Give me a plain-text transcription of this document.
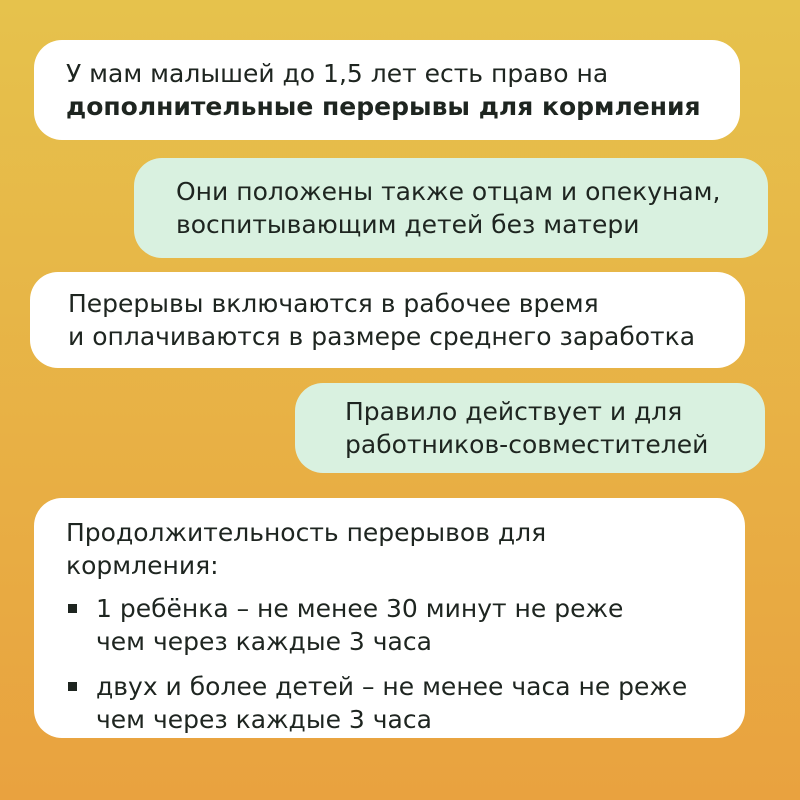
У мам малышей до 1,5 лет есть право на
дополнительные перерывы для кормления
Они положены также отцам и опекунам,
воспитывающим детей без матери
Перерывы включаются в рабочее время
и оплачиваются в размере среднего заработка
Правило действует и для
работников-совместителей
Продолжительность перерывов для
кормления:
1 ребёнка – не менее 30 минут не реже
чем через каждые 3 часа
двух и более детей – не менее часа не реже
чем через каждые 3 часа
